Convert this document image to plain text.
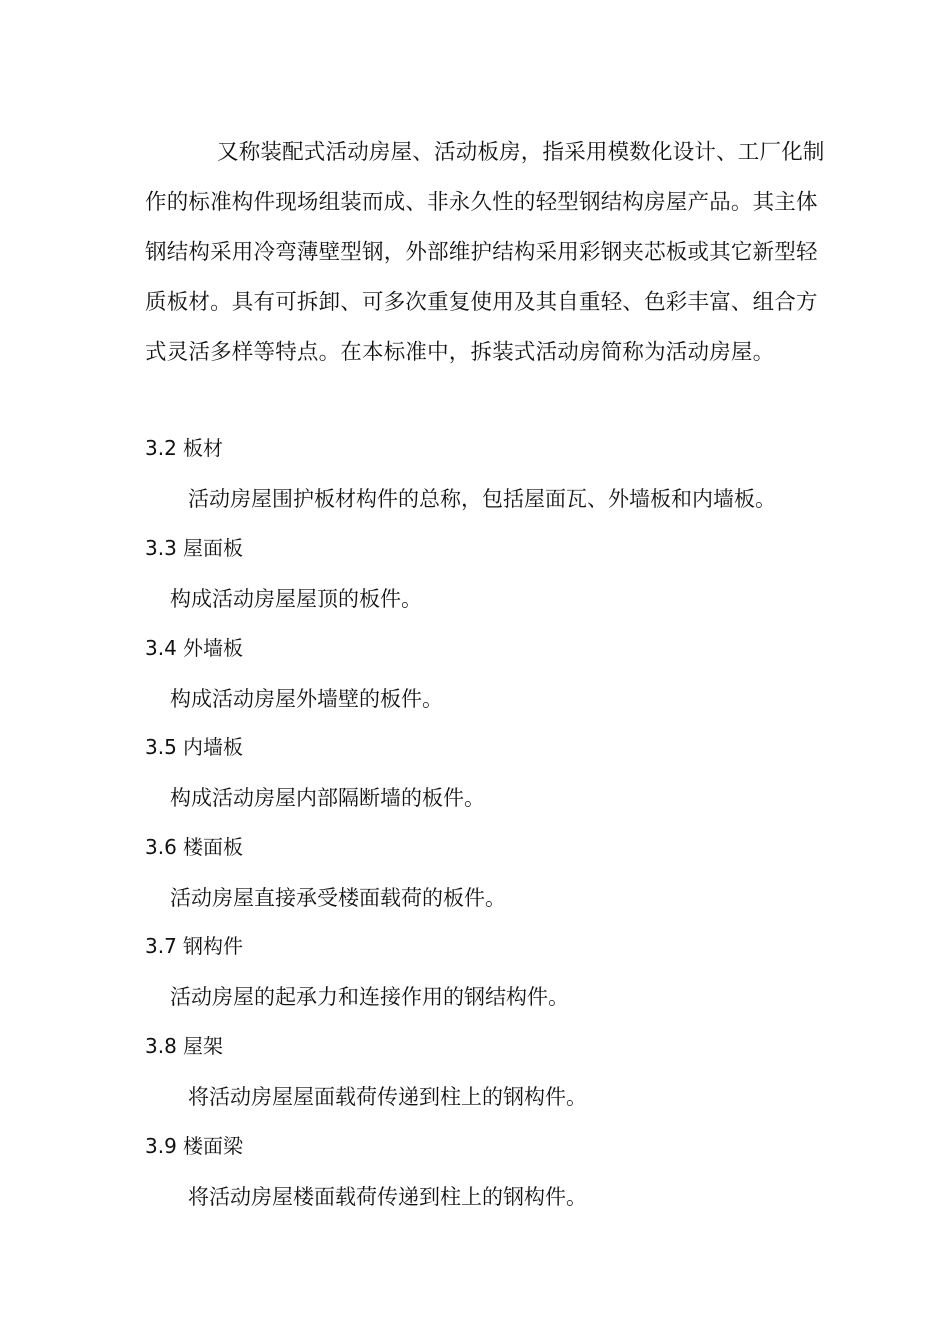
又称装配式活动房屋、活动板房，指采用模数化设计、工厂化制作的标准构件现场组装而成、非永久性的轻型钢结构房屋产品。其主体钢结构采用冷弯薄壁型钢，外部维护结构采用彩钢夹芯板或其它新型轻质板材。具有可拆卸、可多次重复使用及其自重轻、色彩丰富、组合方式灵活多样等特点。在本标准中，拆装式活动房简称为活动房屋。

3.2 板材
活动房屋围护板材构件的总称，包括屋面瓦、外墙板和内墙板。
3.3 屋面板
构成活动房屋屋顶的板件。
3.4 外墙板
构成活动房屋外墙壁的板件。
3.5 内墙板
构成活动房屋内部隔断墙的板件。
3.6 楼面板
活动房屋直接承受楼面载荷的板件。
3.7 钢构件
活动房屋的起承力和连接作用的钢结构件。
3.8 屋架
将活动房屋屋面载荷传递到柱上的钢构件。
3.9 楼面梁
将活动房屋楼面载荷传递到柱上的钢构件。
